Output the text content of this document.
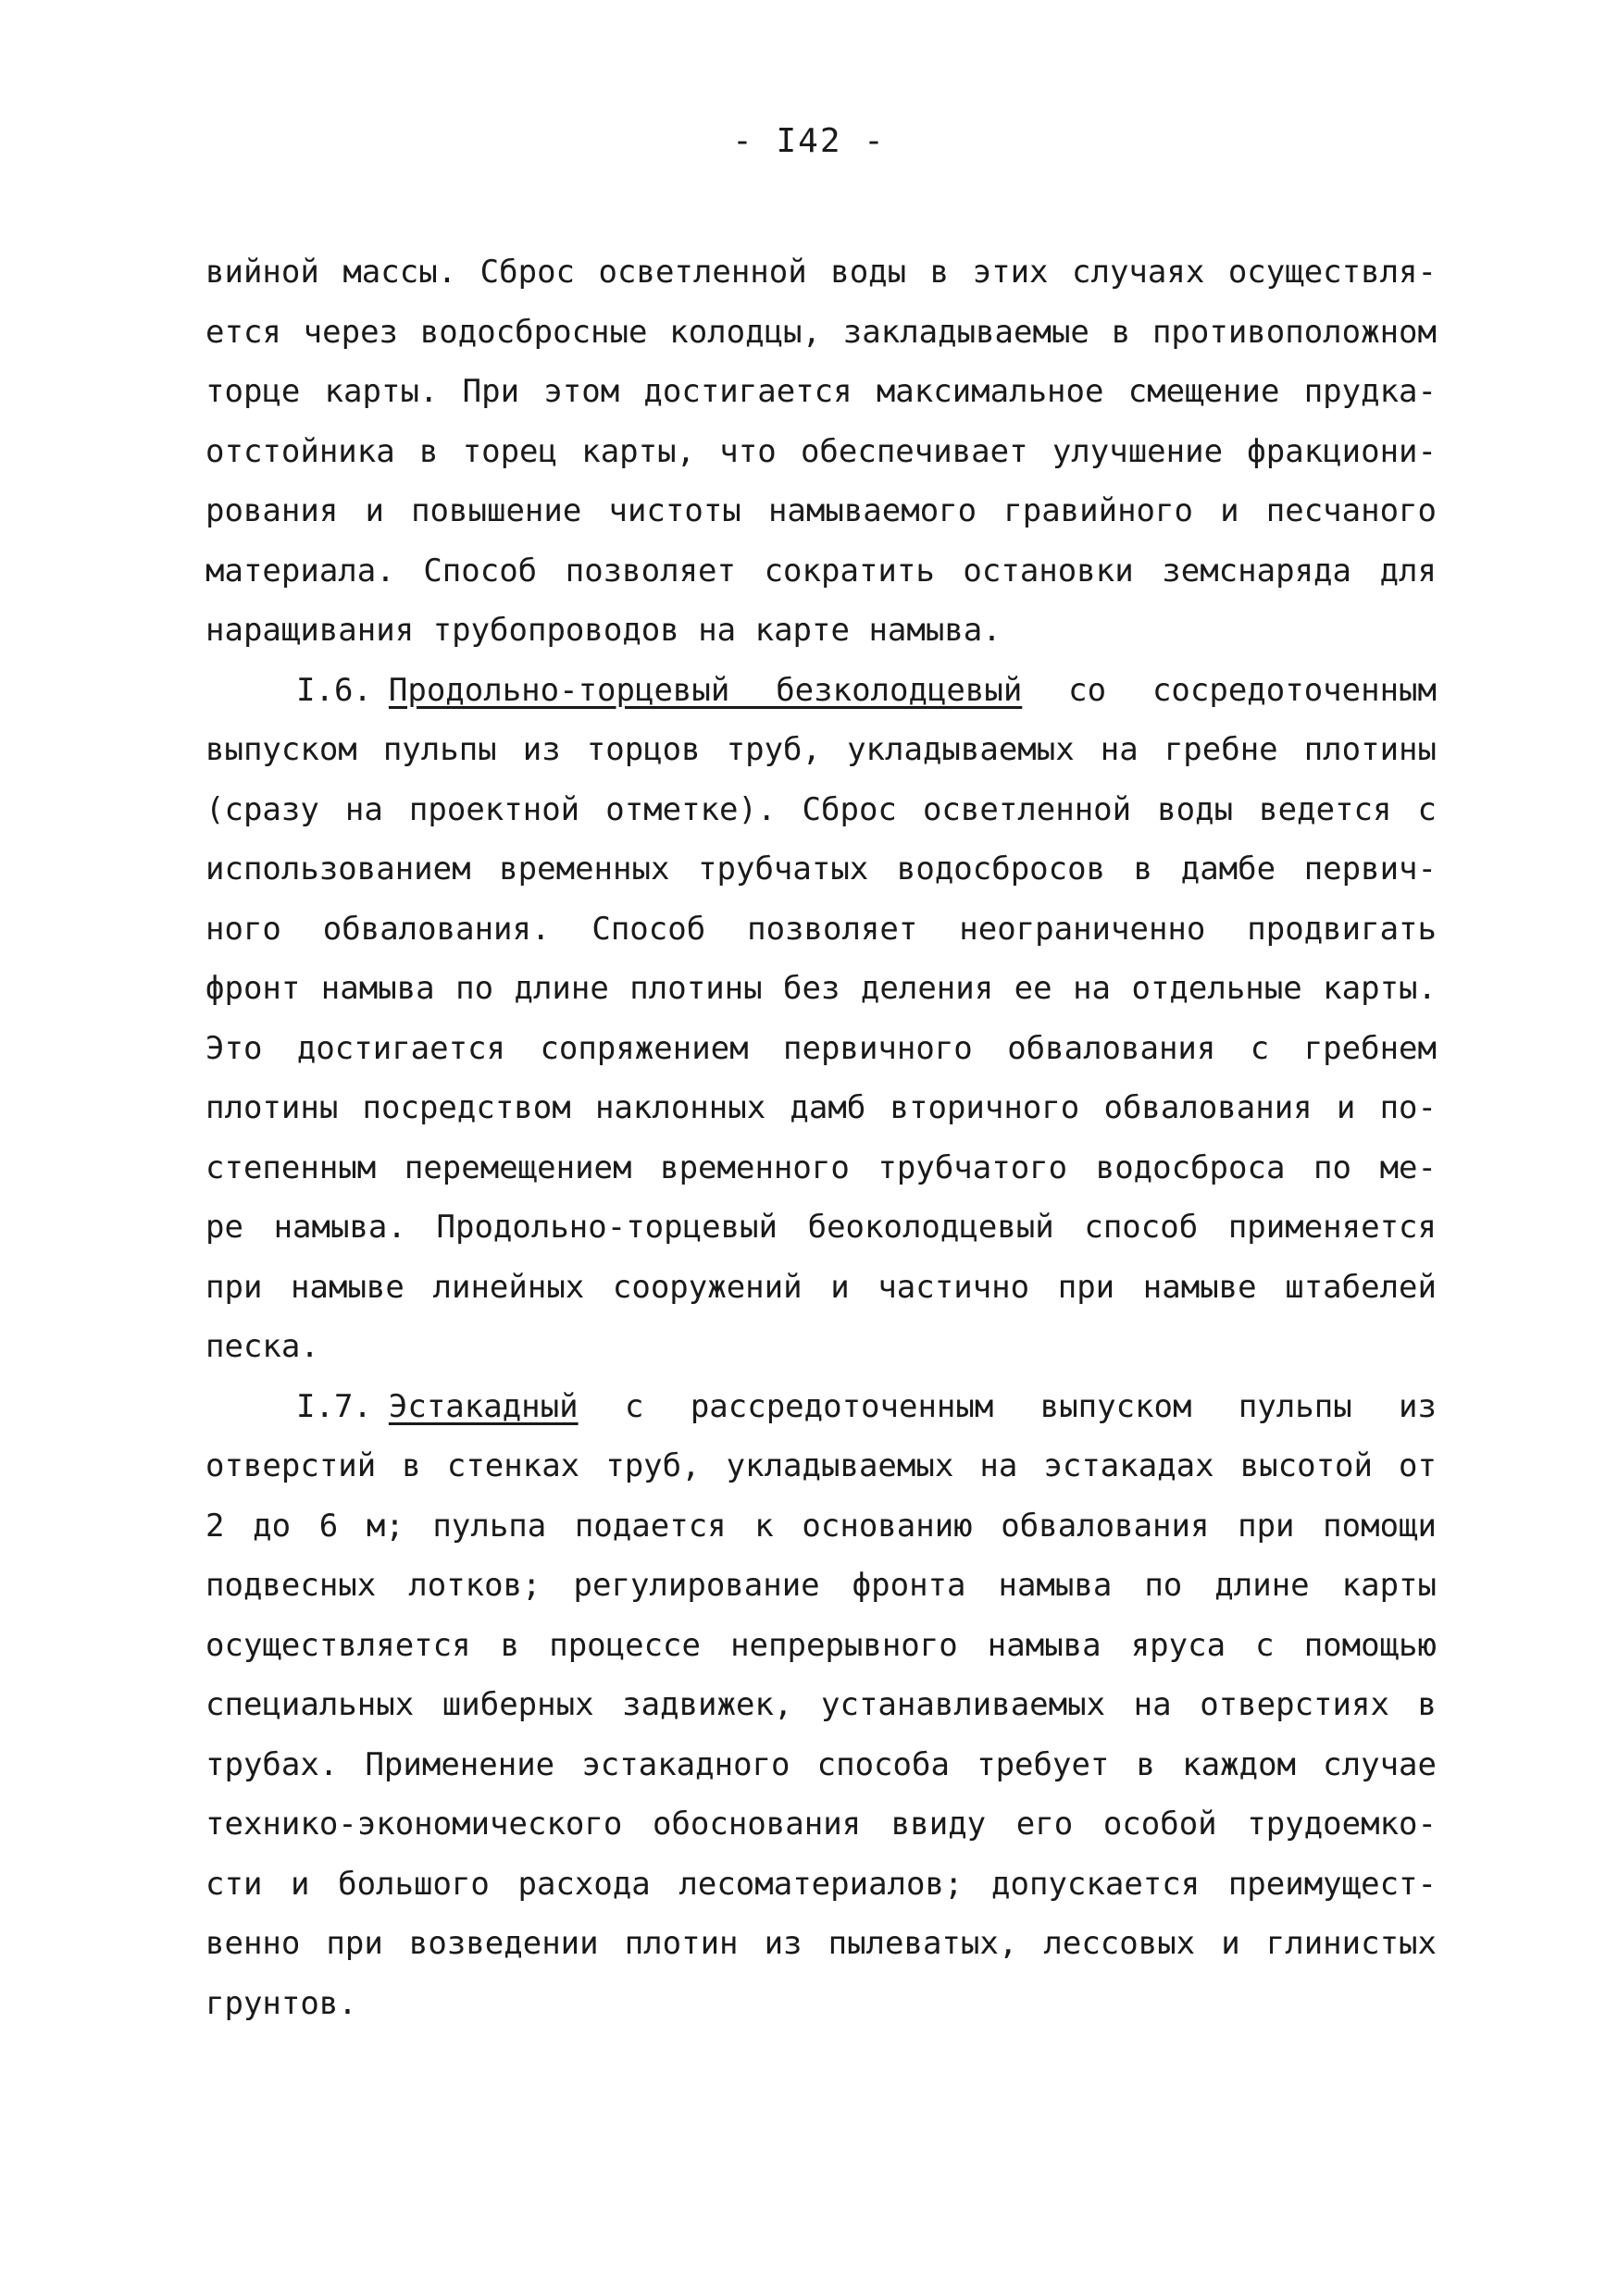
- I42 -
вийной массы. Сброс осветленной воды в этих случаях осуществля-
ется через водосбросные колодцы, закладываемые в противоположном
торце карты. При этом достигается максимальное смещение прудка-
отстойника в торец карты, что обеспечивает улучшение фракциони-
рования и повышение чистоты намываемого гравийного и песчаного
материала. Способ позволяет сократить остановки земснаряда для
наращивания трубопроводов на карте намыва.
I.6. Продольно-торцевый безколодцевый со сосредоточенным
выпуском пульпы из торцов труб, укладываемых на гребне плотины
(сразу на проектной отметке). Сброс осветленной воды ведется с
использованием временных трубчатых водосбросов в дамбе первич-
ного обвалования. Способ позволяет неограниченно продвигать
фронт намыва по длине плотины без деления ее на отдельные карты.
Это достигается сопряжением первичного обвалования с гребнем
плотины посредством наклонных дамб вторичного обвалования и по-
степенным перемещением временного трубчатого водосброса по ме-
ре намыва. Продольно-торцевый беоколодцевый способ применяется
при намыве линейных сооружений и частично при намыве штабелей
песка.
I.7. Эстакадный с рассредоточенным выпуском пульпы из
отверстий в стенках труб, укладываемых на эстакадах высотой от
2 до 6 м; пульпа подается к основанию обвалования при помощи
подвесных лотков; регулирование фронта намыва по длине карты
осуществляется в процессе непрерывного намыва яруса с помощью
специальных шиберных задвижек, устанавливаемых на отверстиях в
трубах. Применение эстакадного способа требует в каждом случае
технико-экономического обоснования ввиду его особой трудоемко-
сти и большого расхода лесоматериалов; допускается преимущест-
венно при возведении плотин из пылеватых, лессовых и глинистых
грунтов.
